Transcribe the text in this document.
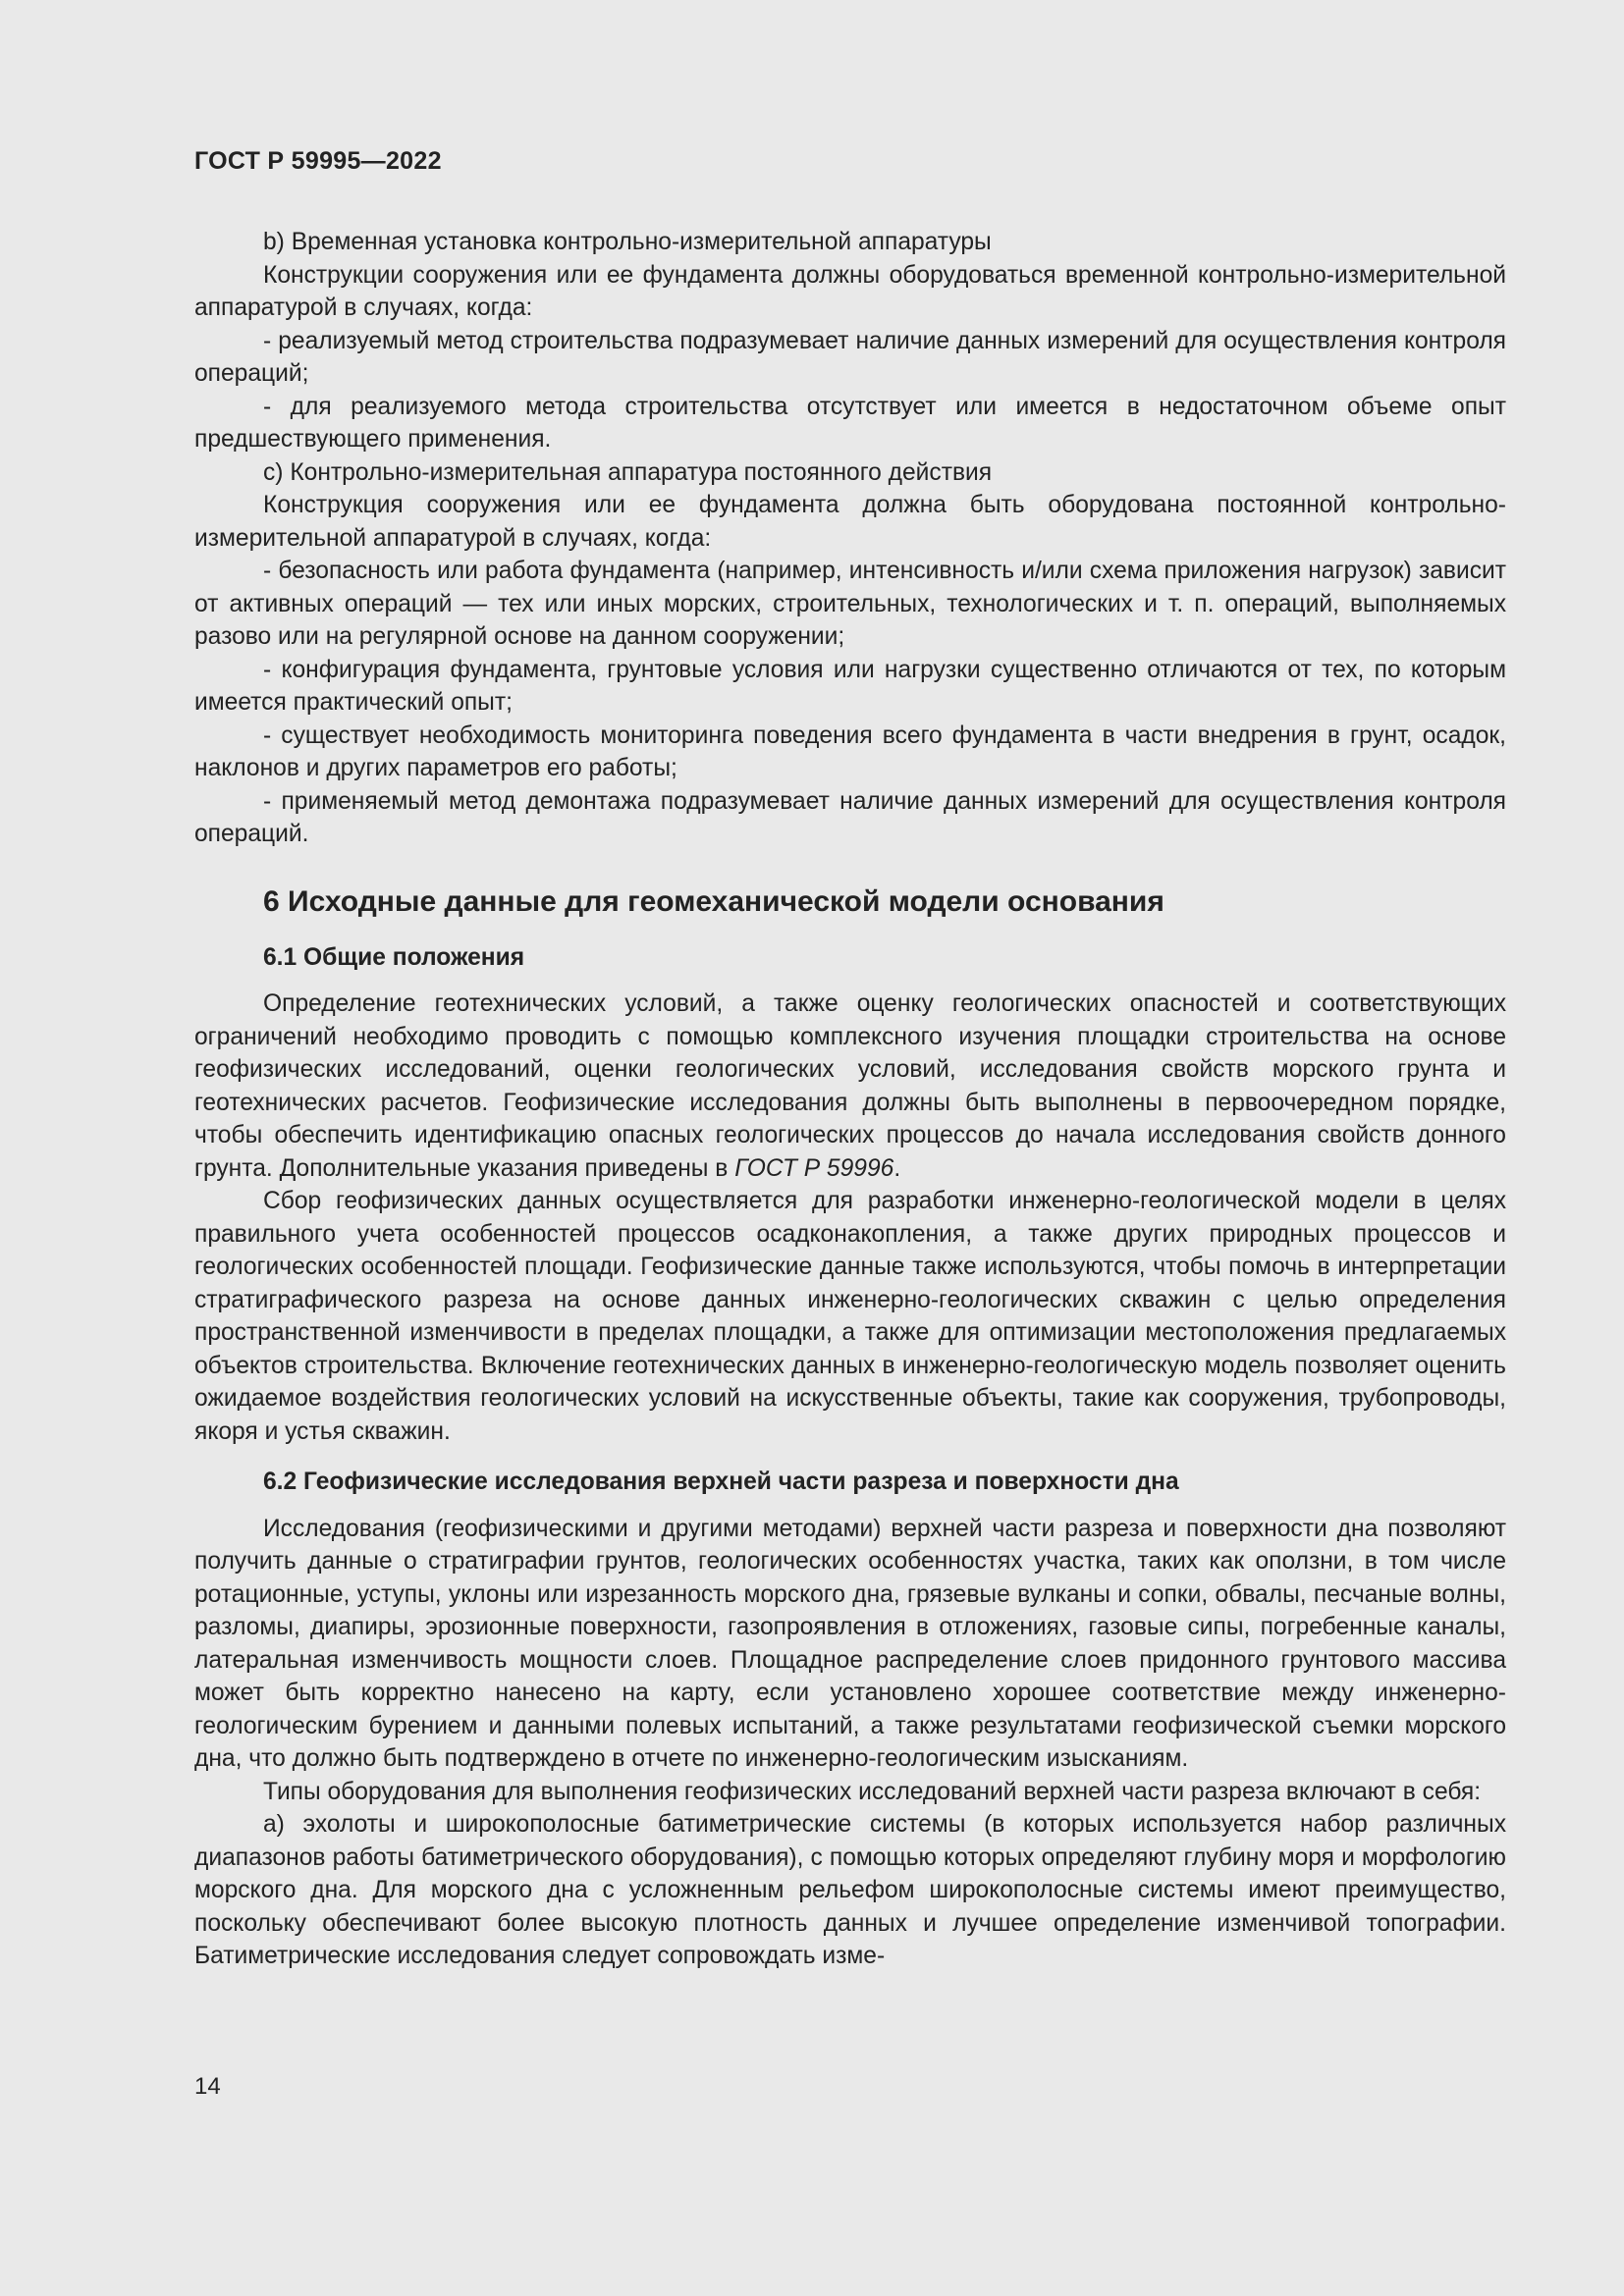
ГОСТ Р 59995—2022

b) Временная установка контрольно-измерительной аппаратуры

Конструкции сооружения или ее фундамента должны оборудоваться временной контрольно-измерительной аппаратурой в случаях, когда:

- реализуемый метод строительства подразумевает наличие данных измерений для осуществления контроля операций;

- для реализуемого метода строительства отсутствует или имеется в недостаточном объеме опыт предшествующего применения.

c) Контрольно-измерительная аппаратура постоянного действия

Конструкция сооружения или ее фундамента должна быть оборудована постоянной контрольно-измерительной аппаратурой в случаях, когда:

- безопасность или работа фундамента (например, интенсивность и/или схема приложения нагрузок) зависит от активных операций — тех или иных морских, строительных, технологических и т. п. операций, выполняемых разово или на регулярной основе на данном сооружении;

- конфигурация фундамента, грунтовые условия или нагрузки существенно отличаются от тех, по которым имеется практический опыт;

- существует необходимость мониторинга поведения всего фундамента в части внедрения в грунт, осадок, наклонов и других параметров его работы;

- применяемый метод демонтажа подразумевает наличие данных измерений для осуществления контроля операций.

6 Исходные данные для геомеханической модели основания
6.1 Общие положения

Определение геотехнических условий, а также оценку геологических опасностей и соответствующих ограничений необходимо проводить с помощью комплексного изучения площадки строительства на основе геофизических исследований, оценки геологических условий, исследования свойств морского грунта и геотехнических расчетов. Геофизические исследования должны быть выполнены в первоочередном порядке, чтобы обеспечить идентификацию опасных геологических процессов до начала исследования свойств донного грунта. Дополнительные указания приведены в ГОСТ Р 59996.

Сбор геофизических данных осуществляется для разработки инженерно-геологической модели в целях правильного учета особенностей процессов осадконакопления, а также других природных процессов и геологических особенностей площади. Геофизические данные также используются, чтобы помочь в интерпретации стратиграфического разреза на основе данных инженерно-геологических скважин с целью определения пространственной изменчивости в пределах площадки, а также для оптимизации местоположения предлагаемых объектов строительства. Включение геотехнических данных в инженерно-геологическую модель позволяет оценить ожидаемое воздействия геологических условий на искусственные объекты, такие как сооружения, трубопроводы, якоря и устья скважин.

6.2 Геофизические исследования верхней части разреза и поверхности дна

Исследования (геофизическими и другими методами) верхней части разреза и поверхности дна позволяют получить данные о стратиграфии грунтов, геологических особенностях участка, таких как оползни, в том числе ротационные, уступы, уклоны или изрезанность морского дна, грязевые вулканы и сопки, обвалы, песчаные волны, разломы, диапиры, эрозионные поверхности, газопроявления в отложениях, газовые сипы, погребенные каналы, латеральная изменчивость мощности слоев. Площадное распределение слоев придонного грунтового массива может быть корректно нанесено на карту, если установлено хорошее соответствие между инженерно-геологическим бурением и данными полевых испытаний, а также результатами геофизической съемки морского дна, что должно быть подтверждено в отчете по инженерно-геологическим изысканиям.

Типы оборудования для выполнения геофизических исследований верхней части разреза включают в себя:

a) эхолоты и широкополосные батиметрические системы (в которых используется набор различных диапазонов работы батиметрического оборудования), с помощью которых определяют глубину моря и морфологию морского дна. Для морского дна с усложненным рельефом широкополосные системы имеют преимущество, поскольку обеспечивают более высокую плотность данных и лучшее определение изменчивой топографии. Батиметрические исследования следует сопровождать изме-

14
